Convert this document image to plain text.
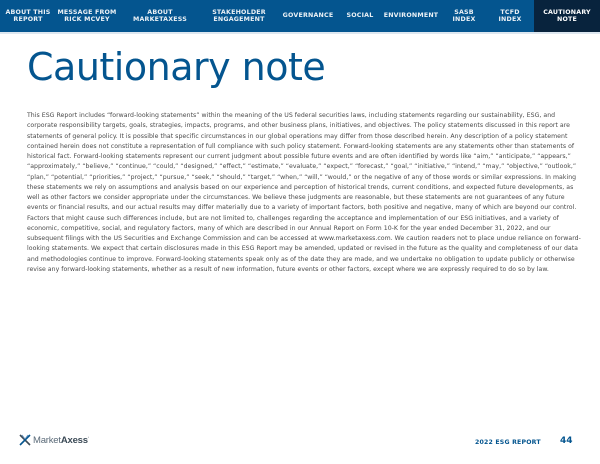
ABOUT THIS
REPORT
MESSAGE FROM
RICK MCVEY
ABOUT
MARKETAXESS
STAKEHOLDER
ENGAGEMENT
GOVERNANCE SOCIAL ENVIRONMENT
SASB
INDEX
TCFD
INDEX
CAUTIONARY
NOTE
Cautionary note

This ESG Report includes “forward-looking statements” within the meaning of the US federal securities laws, including statements regarding our sustainability, ESG, and corporate responsibility targets, goals, strategies, impacts, programs, and other business plans, initiatives, and objectives. The policy statements discussed in this report are statements of general policy. It is possible that specific circumstances in our global operations may differ from those described herein. Any description of a policy statement contained herein does not constitute a representation of full compliance with such policy statement. Forward-looking statements are any statements other than statements of historical fact. Forward-looking statements represent our current judgment about possible future events and are often identified by words like “aim,” “anticipate,” “appears,” “approximately,” “believe,” “continue,” “could,” “designed,” “effect,” “estimate,” “evaluate,” “expect,” “forecast,” “goal,” “initiative,” “intend,” “may,” “objective,” “outlook,” “plan,” “potential,” “priorities,” “project,” “pursue,” “seek,” “should,” “target,” “when,” “will,” “would,” or the negative of any of those words or similar expressions. In making these statements we rely on assumptions and analysis based on our experience and perception of historical trends, current conditions, and expected future developments, as well as other factors we consider appropriate under the circumstances. We believe these judgments are reasonable, but these statements are not guarantees of any future events or financial results, and our actual results may differ materially due to a variety of important factors, both positive and negative, many of which are beyond our control. Factors that might cause such differences include, but are not limited to, challenges regarding the acceptance and implementation of our ESG initiatives, and a variety of economic, competitive, social, and regulatory factors, many of which are described in our Annual Report on Form 10-K for the year ended December 31, 2022, and our subsequent filings with the US Securities and Exchange Commission and can be accessed at www.marketaxess.com. We caution readers not to place undue reliance on forward-looking statements. We expect that certain disclosures made in this ESG Report may be amended, updated or revised in the future as the quality and completeness of our data and methodologies continue to improve. Forward-looking statements speak only as of the date they are made, and we undertake no obligation to update publicly or otherwise revise any forward-looking statements, whether as a result of new information, future events or other factors, except where we are expressly required to do so by law.

MarketAxess•
2022 ESG REPORT 44
